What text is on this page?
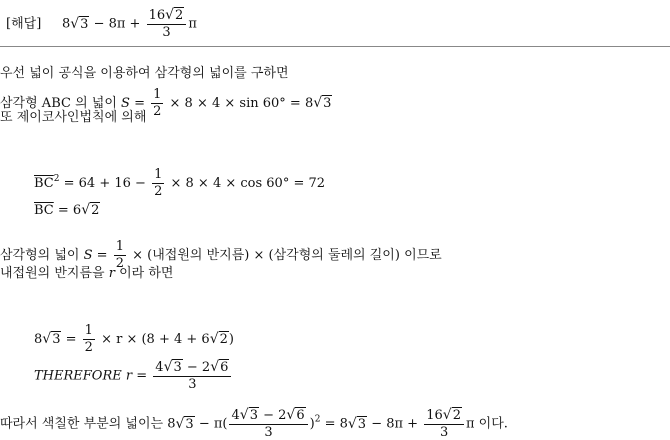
[해답] $8√3 - 8\pi + \frac{16√2}{3}$ π
우선 넓이 공식을 이용하여 삼각형의 넓이를 구하면
삼각형 ABC 의 넓이 $S = \frac{1}{2} \times 8 \times 4 \times \sin 60^\circ = 8√3$
또 제이코사인법칙에 의해
$\overline{BC}^2 = 64 + 16 - \frac{1}{2} \times 8 \times 4 \times \cos 60^\circ = 72$
$\overline{BC} = 6√2$
삼각형의 넓이 $S = \frac{1}{2}$ × (내접원의 반지름) × (삼각형의 둘레의 길이) 이므로
내접원의 반지름을 r 이라 하면
$8√3 = \frac{1}{2} \times r \times (8 + 4 + 6√2)$
THEREFORE $r = \frac{4√3 - 2√6}{3}$
따라서 색칠한 부분의 넓이는 $8√3 - \pi( \frac{4√3 - 2√6}{3} )^2 = 8√3 - 8\pi + \frac{16√2}{3}$ π 이다.
